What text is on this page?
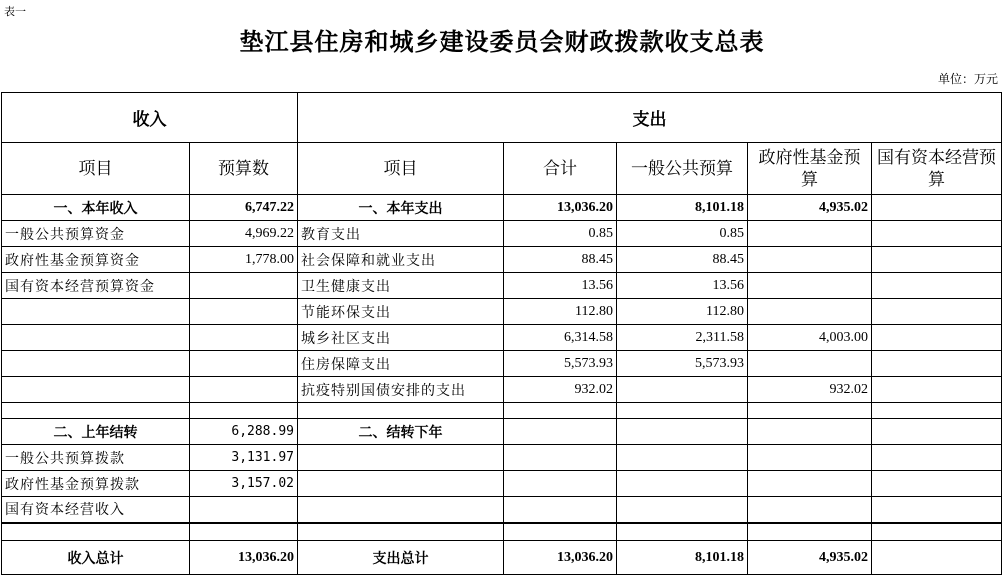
表一
垫江县住房和城乡建设委员会财政拨款收支总表
单位：万元
收入		支出				
项目	预算数	项目	合计	一般公共预算	政府性基金预算	国有资本经营预算
一、本年收入	6,747.22	一、本年支出	13,036.20	8,101.18	4,935.02	
一般公共预算资金	4,969.22	教育支出	0.85	0.85		
政府性基金预算资金	1,778.00	社会保障和就业支出	88.45	88.45		
国有资本经营预算资金		卫生健康支出	13.56	13.56		
		节能环保支出	112.80	112.80		
		城乡社区支出	6,314.58	2,311.58	4,003.00	
		住房保障支出	5,573.93	5,573.93		
		抗疫特别国债安排的支出	932.02		932.02	

二、上年结转	6,288.99	二、结转下年				
一般公共预算拨款	3,131.97					
政府性基金预算拨款	3,157.02					
国有资本经营收入						

收入总计	13,036.20	支出总计	13,036.20	8,101.18	4,935.02	
